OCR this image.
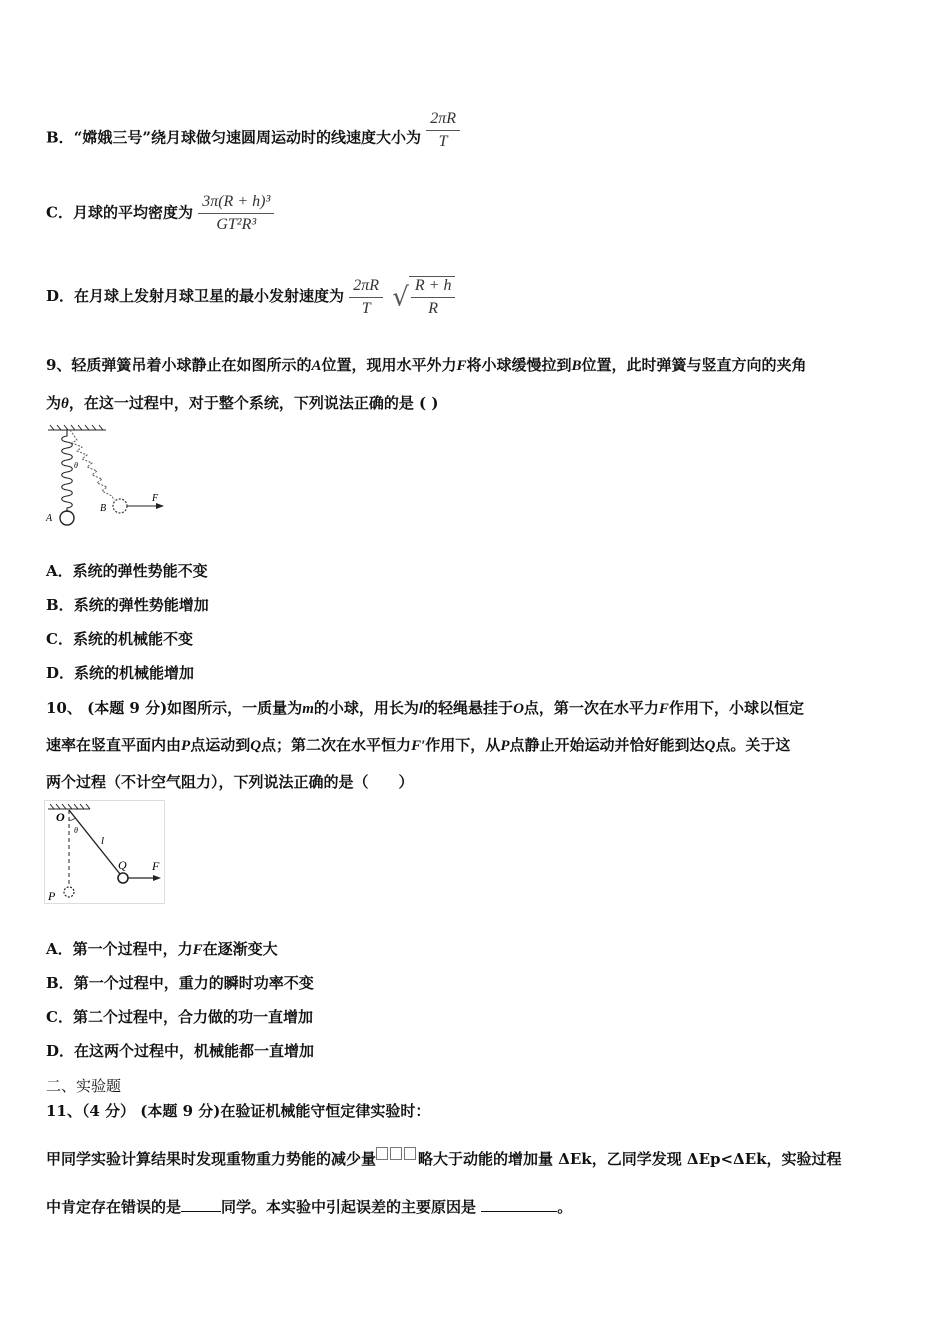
B．“嫦娥三号”绕月球做匀速圆周运动时的线速度大小为 $\frac{2\pi R}{T}$
C．月球的平均密度为 $\frac{\text{3π(R + h)³}}{\text{GT²R³}}$
D．在月球上发射月球卫星的最小发射速度为 $\frac{2\pi R}{T}$ √ $\frac{R + h}{R}$
9、轻质弹簧吊着小球静止在如图所示的A位置，现用水平外力F将小球缓慢拉到B位置，此时弹簧与竖直方向的夹角
为θ，在这一过程中，对于整个系统，下列说法正确的是 ( )
F
B
A
θ
A．系统的弹性势能不变
B．系统的弹性势能增加
C．系统的机械能不变
D．系统的机械能增加
10、 (本题 9 分)如图所示，一质量为m的小球，用长为l的轻绳悬挂于O点，第一次在水平力F作用下，小球以恒定
速率在竖直平面内由P点运动到Q点；第二次在水平恒力F′作用下，从P点静止开始运动并恰好能到达Q点。关于这
两个过程（不计空气阻力），下列说法正确的是（　　）
O
P
θ
l
Q F
A．第一个过程中，力F在逐渐变大
B．第一个过程中，重力的瞬时功率不变
C．第二个过程中，合力做的功一直增加
D．在这两个过程中，机械能都一直增加
二、实验题
11、（4 分） (本题 9 分)在验证机械能守恒定律实验时：
甲同学实验计算结果时发现重物重力势能的减少量	略大于动能的增加量 ΔEk，乙同学发现 ΔEp<ΔEk，实验过程
中肯定存在错误的是	同学。本实验中引起误差的主要原因是	。
